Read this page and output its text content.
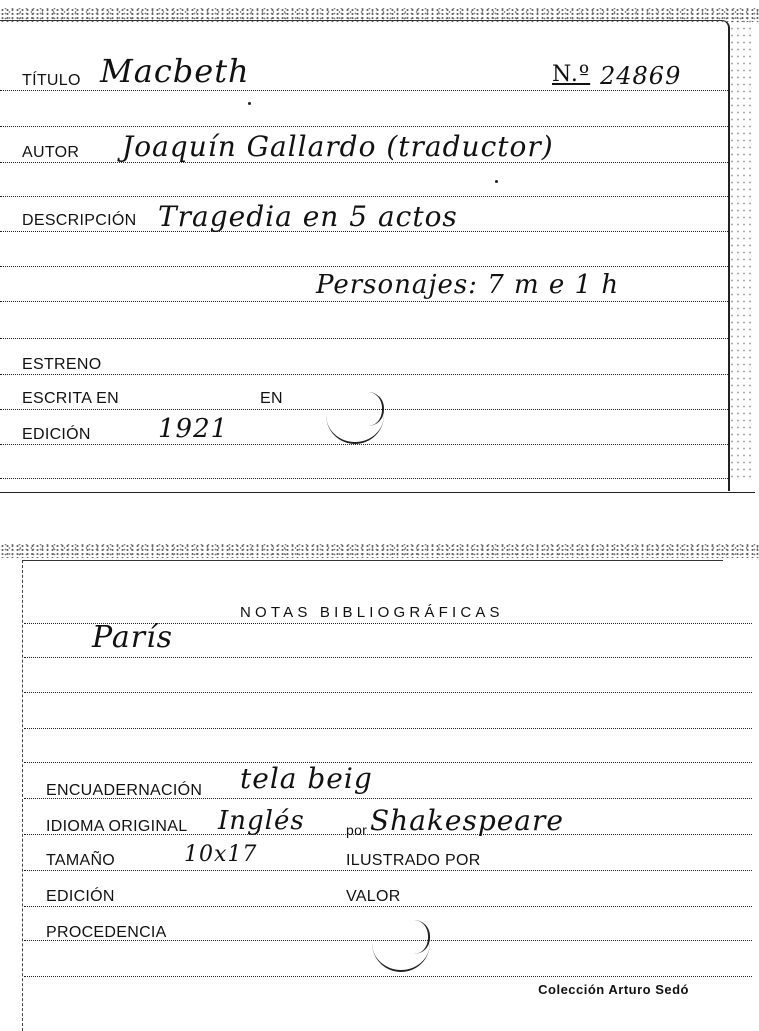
TÍTULO Macbeth	N.º 24869
AUTOR Joaquín Gallardo (traductor)
DESCRIPCIÓN Tragedia en 5 actos
Personajes: 7 m e 1 h
ESTRENO
ESCRITA EN	EN
EDICIÓN	1921
NOTAS BIBLIOGRÁFICAS
París
ENCUADERNACIÓN tela beig
IDIOMA ORIGINAL Inglés	por Shakespeare
TAMAÑO	10x17	ILUSTRADO POR
EDICIÓN	VALOR
PROCEDENCIA
Colección Arturo Sedó
